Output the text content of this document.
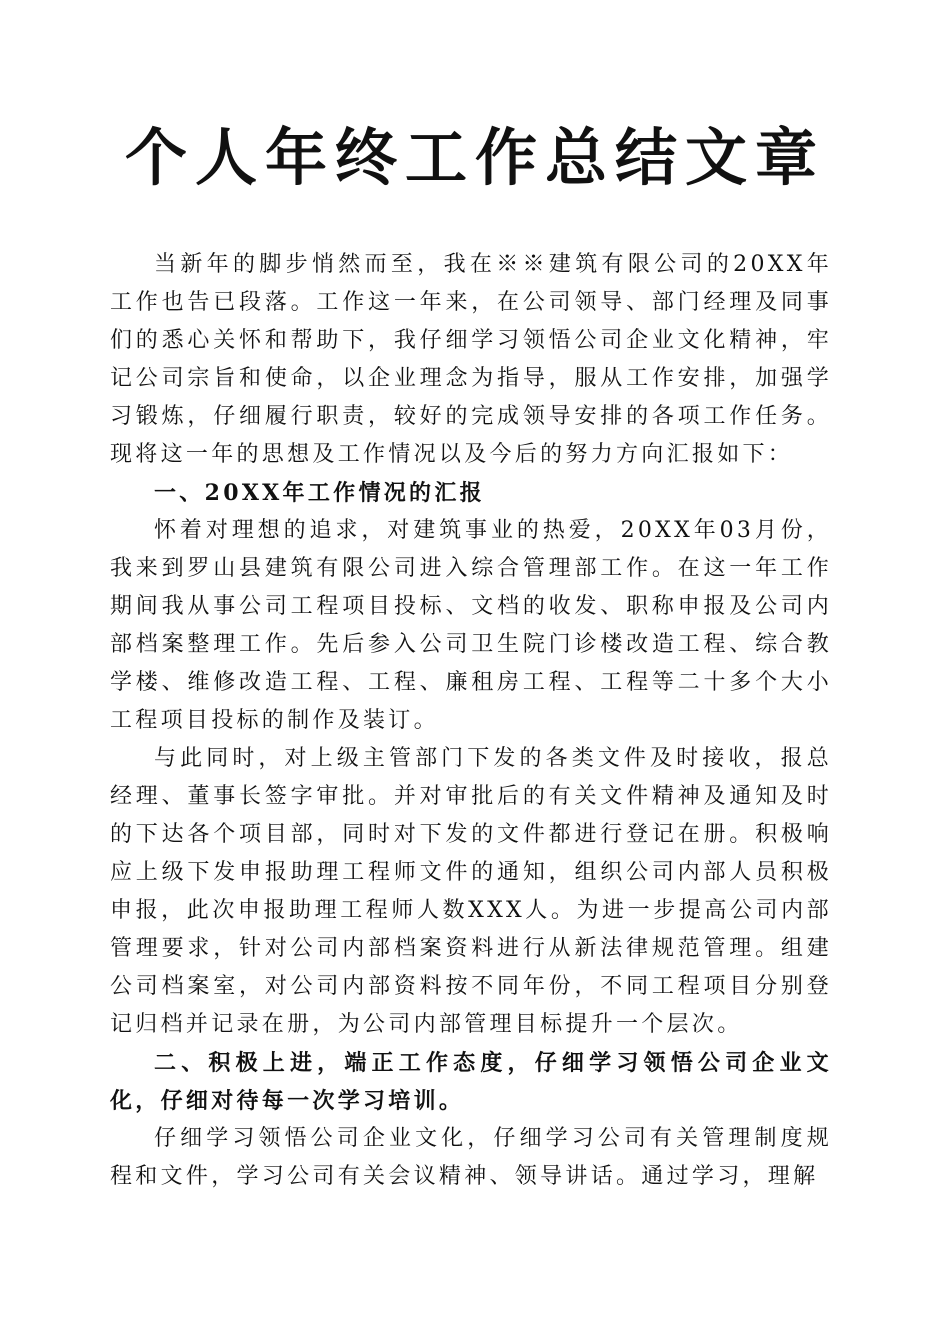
个人年终工作总结文章

当新年的脚步悄然而至，我在※※建筑有限公司的20XX年工作也告已段落。工作这一年来，在公司领导、部门经理及同事们的悉心关怀和帮助下，我仔细学习领悟公司企业文化精神，牢记公司宗旨和使命，以企业理念为指导，服从工作安排，加强学习锻炼，仔细履行职责，较好的完成领导安排的各项工作任务。现将这一年的思想及工作情况以及今后的努力方向汇报如下：

一、20XX年工作情况的汇报

怀着对理想的追求，对建筑事业的热爱，20XX年03月份，我来到罗山县建筑有限公司进入综合管理部工作。在这一年工作期间我从事公司工程项目投标、文档的收发、职称申报及公司内部档案整理工作。先后参入公司卫生院门诊楼改造工程、综合教学楼、维修改造工程、工程、廉租房工程、工程等二十多个大小工程项目投标的制作及装订。

与此同时，对上级主管部门下发的各类文件及时接收，报总经理、董事长签字审批。并对审批后的有关文件精神及通知及时的下达各个项目部，同时对下发的文件都进行登记在册。积极响应上级下发申报助理工程师文件的通知，组织公司内部人员积极申报，此次申报助理工程师人数XXX人。为进一步提高公司内部管理要求，针对公司内部档案资料进行从新法律规范管理。组建公司档案室，对公司内部资料按不同年份，不同工程项目分别登记归档并记录在册，为公司内部管理目标提升一个层次。

二、积极上进，端正工作态度，仔细学习领悟公司企业文化，仔细对待每一次学习培训。

仔细学习领悟公司企业文化，仔细学习公司有关管理制度规程和文件，学习公司有关会议精神、领导讲话。通过学习，理解
